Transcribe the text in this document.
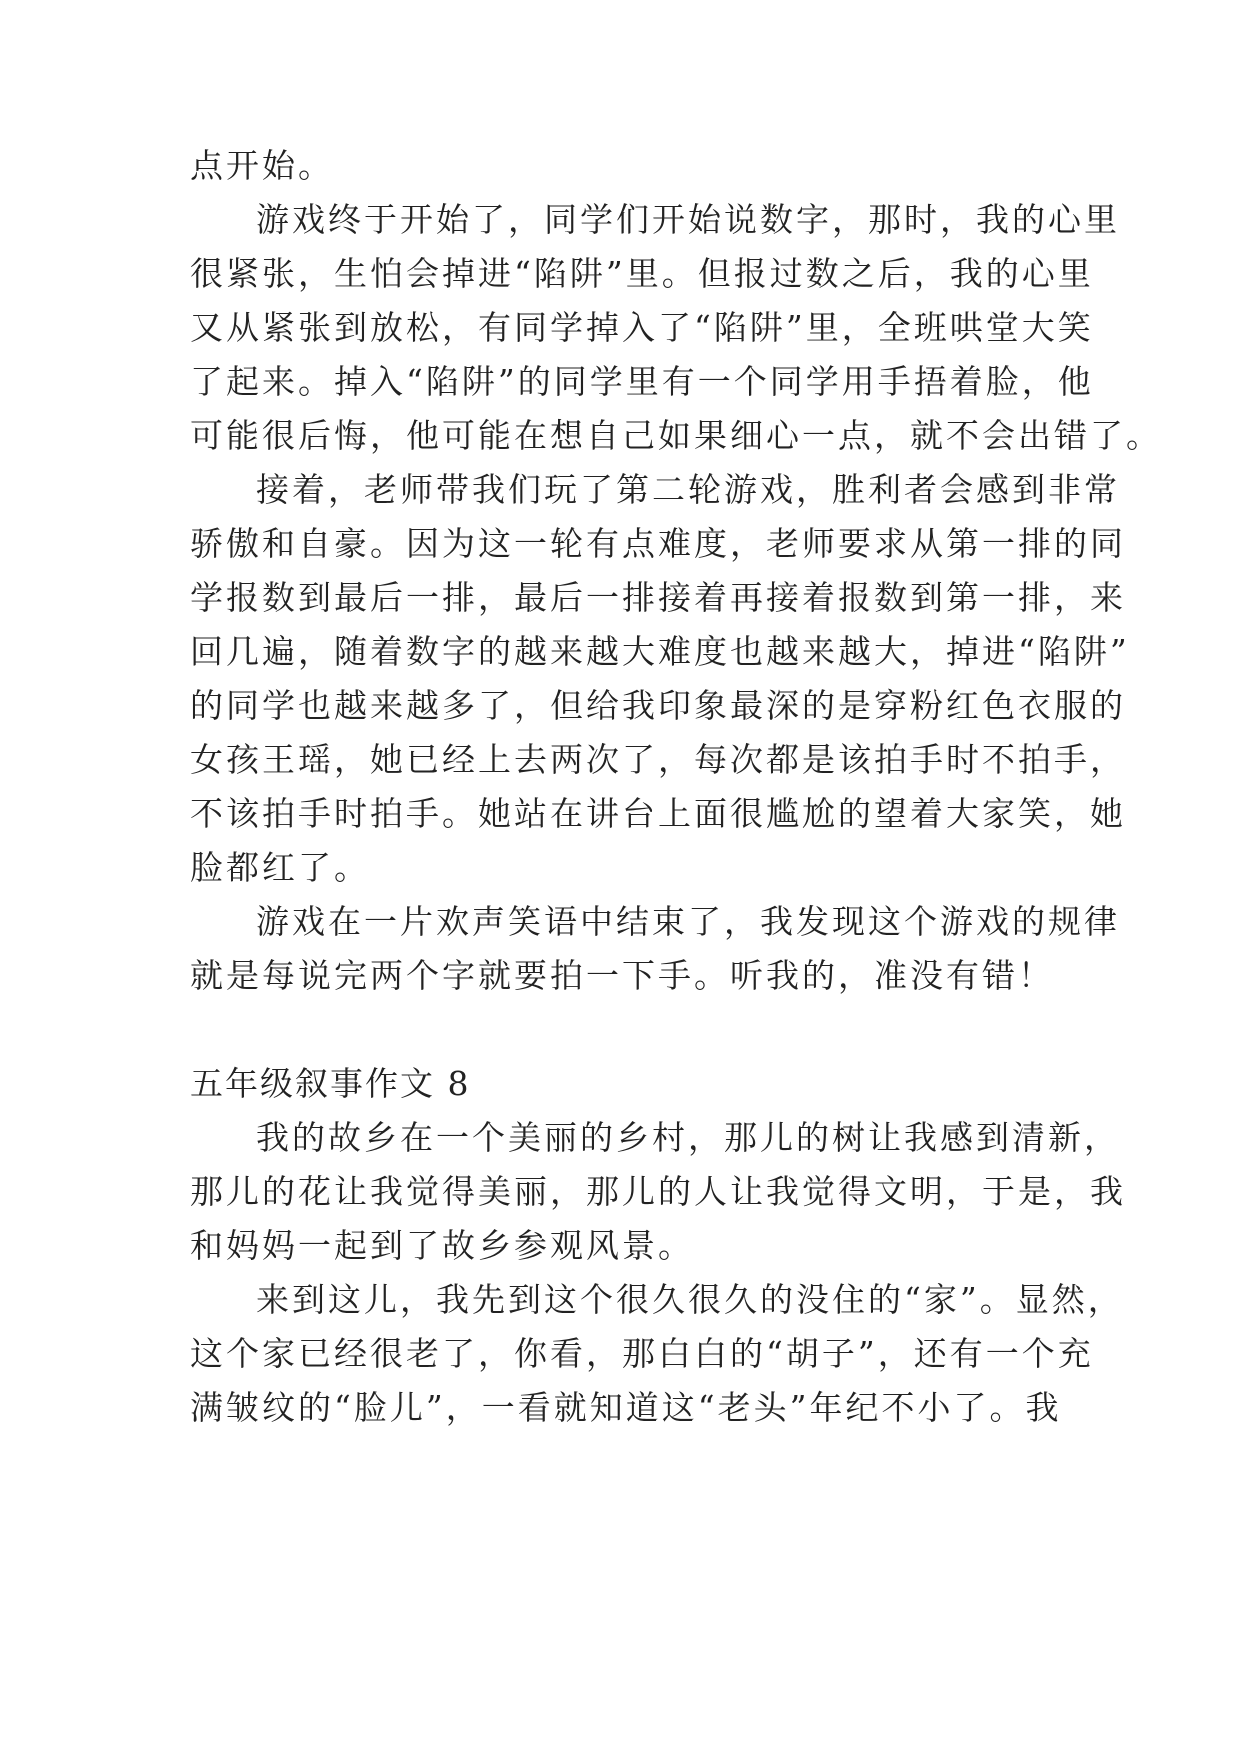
点开始。
游戏终于开始了，同学们开始说数字，那时，我的心里
很紧张，生怕会掉进“陷阱”里。但报过数之后，我的心里
又从紧张到放松，有同学掉入了“陷阱”里，全班哄堂大笑
了起来。掉入“陷阱”的同学里有一个同学用手捂着脸，他
可能很后悔，他可能在想自己如果细心一点，就不会出错了。
接着，老师带我们玩了第二轮游戏，胜利者会感到非常
骄傲和自豪。因为这一轮有点难度，老师要求从第一排的同
学报数到最后一排，最后一排接着再接着报数到第一排，来
回几遍，随着数字的越来越大难度也越来越大，掉进“陷阱”
的同学也越来越多了，但给我印象最深的是穿粉红色衣服的
女孩王瑶，她已经上去两次了，每次都是该拍手时不拍手，
不该拍手时拍手。她站在讲台上面很尴尬的望着大家笑，她
脸都红了。
游戏在一片欢声笑语中结束了，我发现这个游戏的规律
就是每说完两个字就要拍一下手。听我的，准没有错！
五年级叙事作文 8
我的故乡在一个美丽的乡村，那儿的树让我感到清新，
那儿的花让我觉得美丽，那儿的人让我觉得文明，于是，我
和妈妈一起到了故乡参观风景。
来到这儿，我先到这个很久很久的没住的“家”。显然，
这个家已经很老了，你看，那白白的“胡子”，还有一个充
满皱纹的“脸儿”，一看就知道这“老头”年纪不小了。我
